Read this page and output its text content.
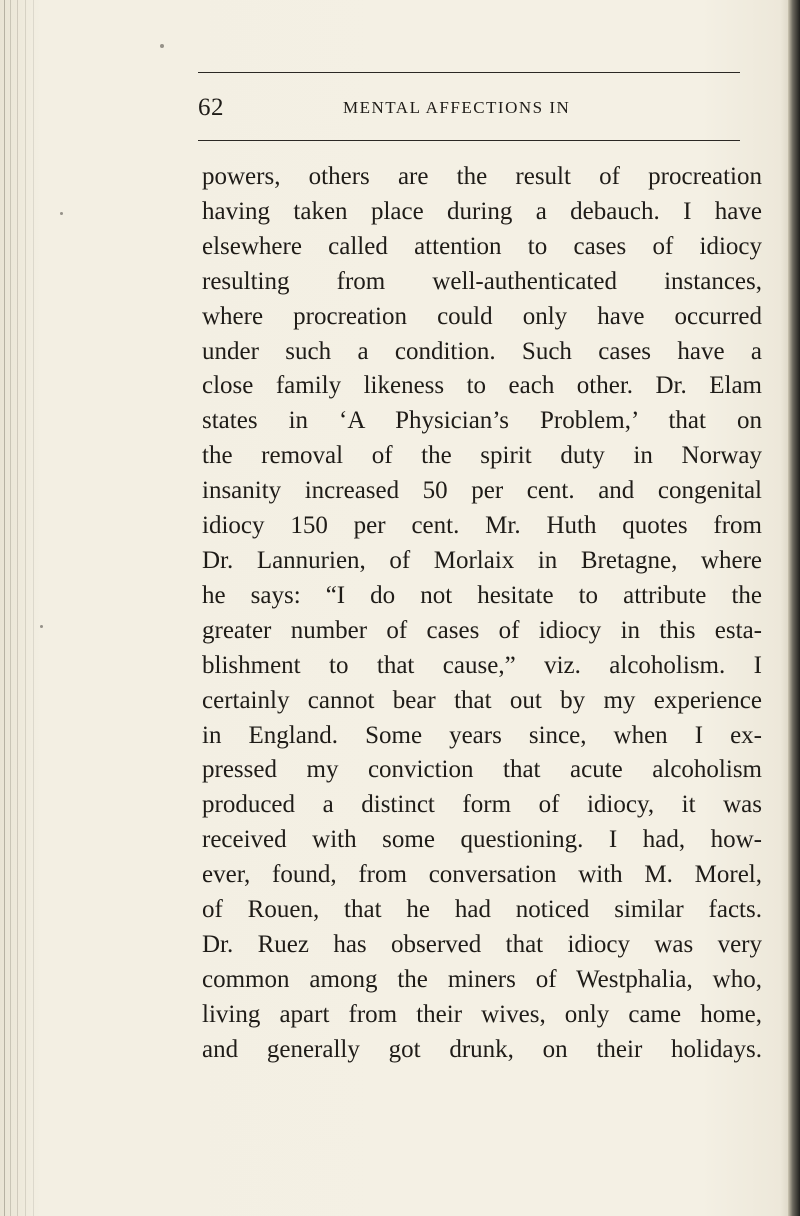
62	MENTAL AFFECTIONS IN
powers, others are the result of procreation
having taken place during a debauch. I have
elsewhere called attention to cases of idiocy
resulting from well-authenticated instances,
where procreation could only have occurred
under such a condition. Such cases have a
close family likeness to each other. Dr. Elam
states in ‘A Physician’s Problem,’ that on
the removal of the spirit duty in Norway
insanity increased 50 per cent. and congenital
idiocy 150 per cent. Mr. Huth quotes from
Dr. Lannurien, of Morlaix in Bretagne, where
he says: “I do not hesitate to attribute the
greater number of cases of idiocy in this esta-
blishment to that cause,” viz. alcoholism. I
certainly cannot bear that out by my experience
in England. Some years since, when I ex-
pressed my conviction that acute alcoholism
produced a distinct form of idiocy, it was
received with some questioning. I had, how-
ever, found, from conversation with M. Morel,
of Rouen, that he had noticed similar facts.
Dr. Ruez has observed that idiocy was very
common among the miners of Westphalia, who,
living apart from their wives, only came home,
and generally got drunk, on their holidays.
